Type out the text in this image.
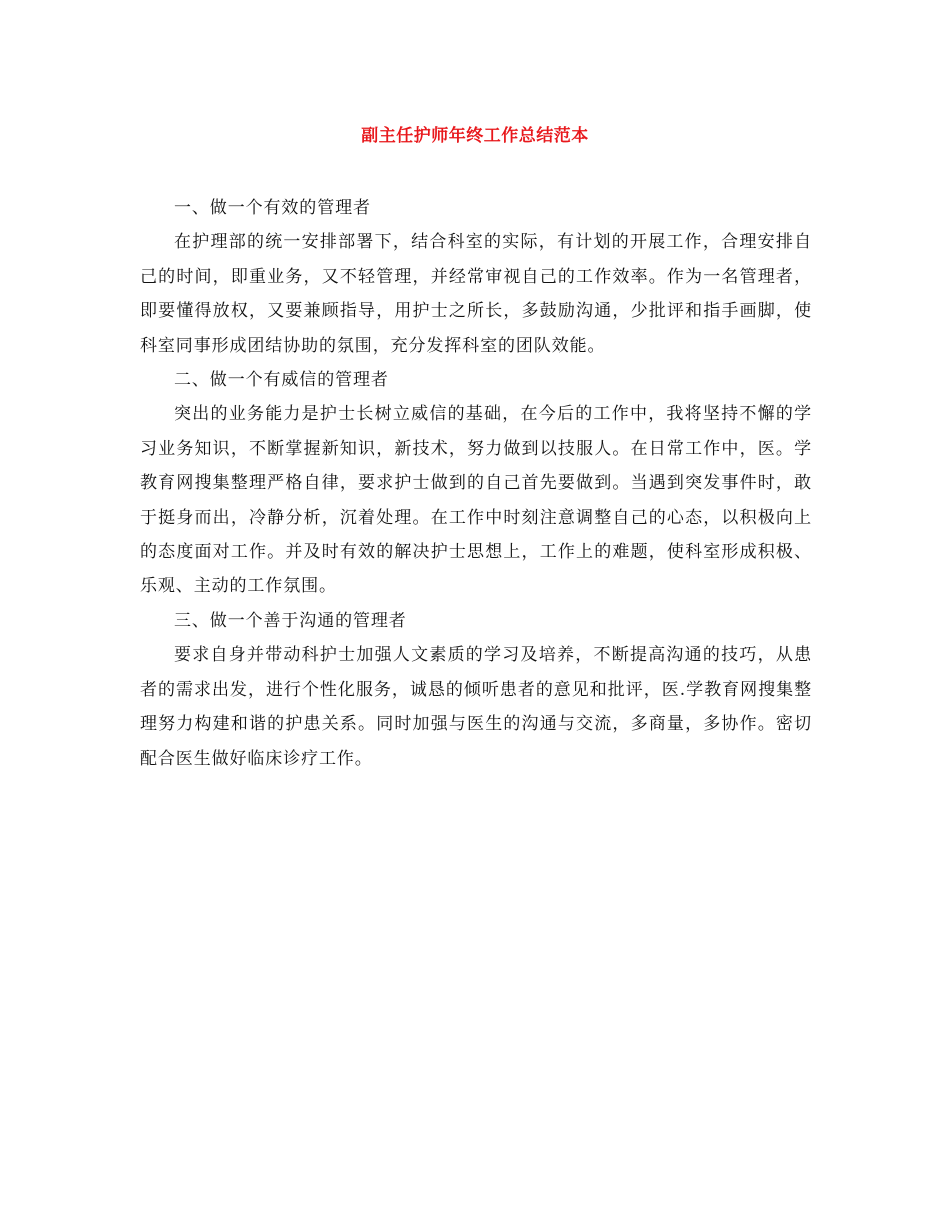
副主任护师年终工作总结范本

一、做一个有效的管理者

在护理部的统一安排部署下，结合科室的实际，有计划的开展工作，合理安排自己的时间，即重业务，又不轻管理，并经常审视自己的工作效率。作为一名管理者，即要懂得放权，又要兼顾指导，用护士之所长，多鼓励沟通，少批评和指手画脚，使科室同事形成团结协助的氛围，充分发挥科室的团队效能。

二、做一个有威信的管理者

突出的业务能力是护士长树立威信的基础，在今后的工作中，我将坚持不懈的学习业务知识，不断掌握新知识，新技术，努力做到以技服人。在日常工作中，医。学教育网搜集整理严格自律，要求护士做到的自己首先要做到。当遇到突发事件时，敢于挺身而出，冷静分析，沉着处理。在工作中时刻注意调整自己的心态，以积极向上的态度面对工作。并及时有效的解决护士思想上，工作上的难题，使科室形成积极、乐观、主动的工作氛围。

三、做一个善于沟通的管理者

要求自身并带动科护士加强人文素质的学习及培养，不断提高沟通的技巧，从患者的需求出发，进行个性化服务，诚恳的倾听患者的意见和批评，医.学教育网搜集整理努力构建和谐的护患关系。同时加强与医生的沟通与交流，多商量，多协作。密切配合医生做好临床诊疗工作。
